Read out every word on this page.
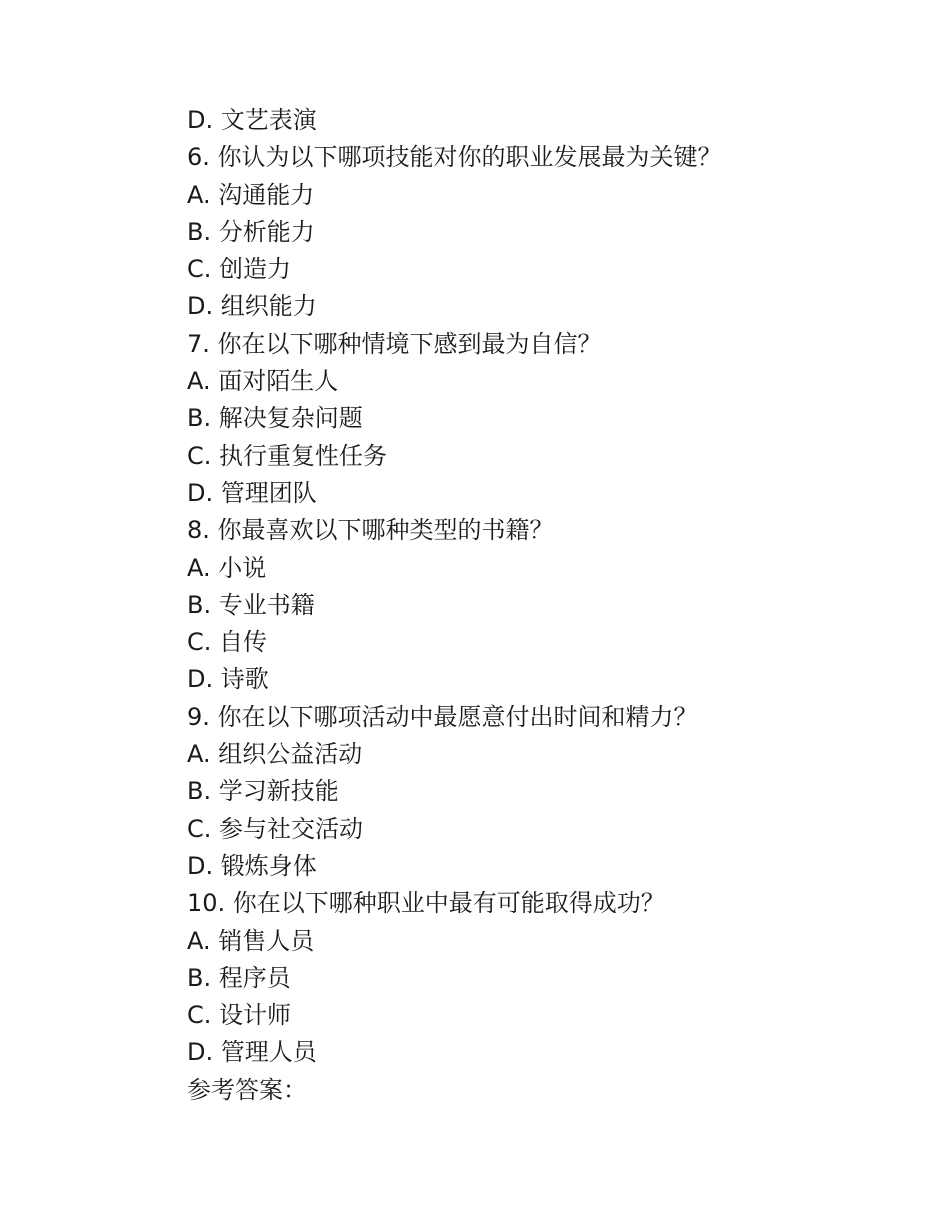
D. 文艺表演
6. 你认为以下哪项技能对你的职业发展最为关键？
A. 沟通能力
B. 分析能力
C. 创造力
D. 组织能力
7. 你在以下哪种情境下感到最为自信？
A. 面对陌生人
B. 解决复杂问题
C. 执行重复性任务
D. 管理团队
8. 你最喜欢以下哪种类型的书籍？
A. 小说
B. 专业书籍
C. 自传
D. 诗歌
9. 你在以下哪项活动中最愿意付出时间和精力？
A. 组织公益活动
B. 学习新技能
C. 参与社交活动
D. 锻炼身体
10. 你在以下哪种职业中最有可能取得成功？
A. 销售人员
B. 程序员
C. 设计师
D. 管理人员
参考答案：
